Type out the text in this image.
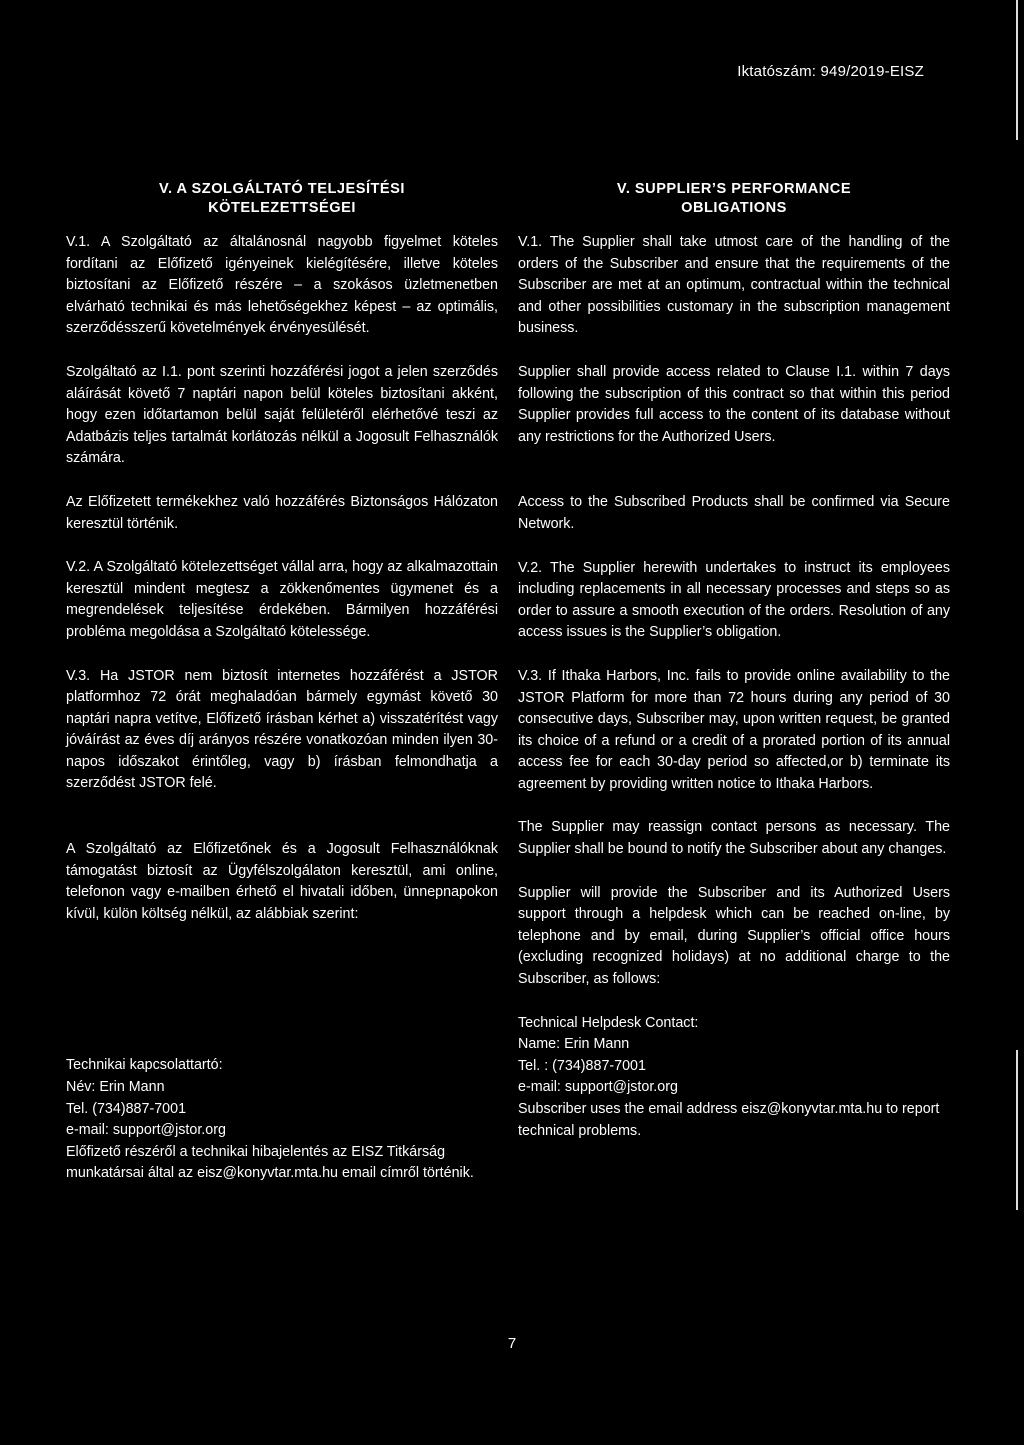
Iktatószám: 949/2019-EISZ
V. A SZOLGÁLTATÓ TELJESÍTÉSI
KÖTELEZETTSÉGEI

V.1. A Szolgáltató az általánosnál nagyobb figyelmet köteles fordítani az Előfizető igényeinek kielégítésére, illetve köteles biztosítani az Előfizető részére – a szokásos üzletmenetben elvárható technikai és más lehetőségekhez képest – az optimális, szerződésszerű követelmények érvényesülését.

Szolgáltató az I.1. pont szerinti hozzáférési jogot a jelen szerződés aláírását követő 7 naptári napon belül köteles biztosítani akként, hogy ezen időtartamon belül saját felületéről elérhetővé teszi az Adatbázis teljes tartalmát korlátozás nélkül a Jogosult Felhasználók számára.

Az Előfizetett termékekhez való hozzáférés Biztonságos Hálózaton keresztül történik.

V.2. A Szolgáltató kötelezettséget vállal arra, hogy az alkalmazottain keresztül mindent megtesz a zökkenőmentes ügymenet és a megrendelések teljesítése érdekében. Bármilyen hozzáférési probléma megoldása a Szolgáltató kötelessége.

V.3. Ha JSTOR nem biztosít internetes hozzáférést a JSTOR platformhoz 72 órát meghaladóan bármely egymást követő 30 naptári napra vetítve, Előfizető írásban kérhet a) visszatérítést vagy jóváírást az éves díj arányos részére vonatkozóan minden ilyen 30-napos időszakot érintőleg, vagy b) írásban felmondhatja a szerződést JSTOR felé.

A Szolgáltató az Előfizetőnek és a Jogosult Felhasználóknak támogatást biztosít az Ügyfélszolgálaton keresztül, ami online, telefonon vagy e-mailben érhető el hivatali időben, ünnepnapokon kívül, külön költség nélkül, az alábbiak szerint:

Technikai kapcsolattartó:
Név: Erin Mann
Tel. (734)887-7001
e-mail: support@jstor.org
Előfizető részéről a technikai hibajelentés az EISZ Titkárság munkatársai által az eisz@konyvtar.mta.hu email címről történik.
V. SUPPLIER’S PERFORMANCE
OBLIGATIONS

V.1. The Supplier shall take utmost care of the handling of the orders of the Subscriber and ensure that the requirements of the Subscriber are met at an optimum, contractual within the technical and other possibilities customary in the subscription management business.

Supplier shall provide access related to Clause I.1. within 7 days following the subscription of this contract so that within this period Supplier provides full access to the content of its database without any restrictions for the Authorized Users.

Access to the Subscribed Products shall be confirmed via Secure Network.

V.2. The Supplier herewith undertakes to instruct its employees including replacements in all necessary processes and steps so as order to assure a smooth execution of the orders. Resolution of any access issues is the Supplier’s obligation.

V.3. If Ithaka Harbors, Inc. fails to provide online availability to the JSTOR Platform for more than 72 hours during any period of 30 consecutive days, Subscriber may, upon written request, be granted its choice of a refund or a credit of a prorated portion of its annual access fee for each 30-day period so affected,or b) terminate its agreement by providing written notice to Ithaka Harbors.

The Supplier may reassign contact persons as necessary. The Supplier shall be bound to notify the Subscriber about any changes.

Supplier will provide the Subscriber and its Authorized Users support through a helpdesk which can be reached on-line, by telephone and by email, during Supplier’s official office hours (excluding recognized holidays) at no additional charge to the Subscriber, as follows:

Technical Helpdesk Contact:
Name: Erin Mann
Tel. : (734)887-7001
e-mail: support@jstor.org
Subscriber uses the email address eisz@konyvtar.mta.hu to report technical problems.
7
